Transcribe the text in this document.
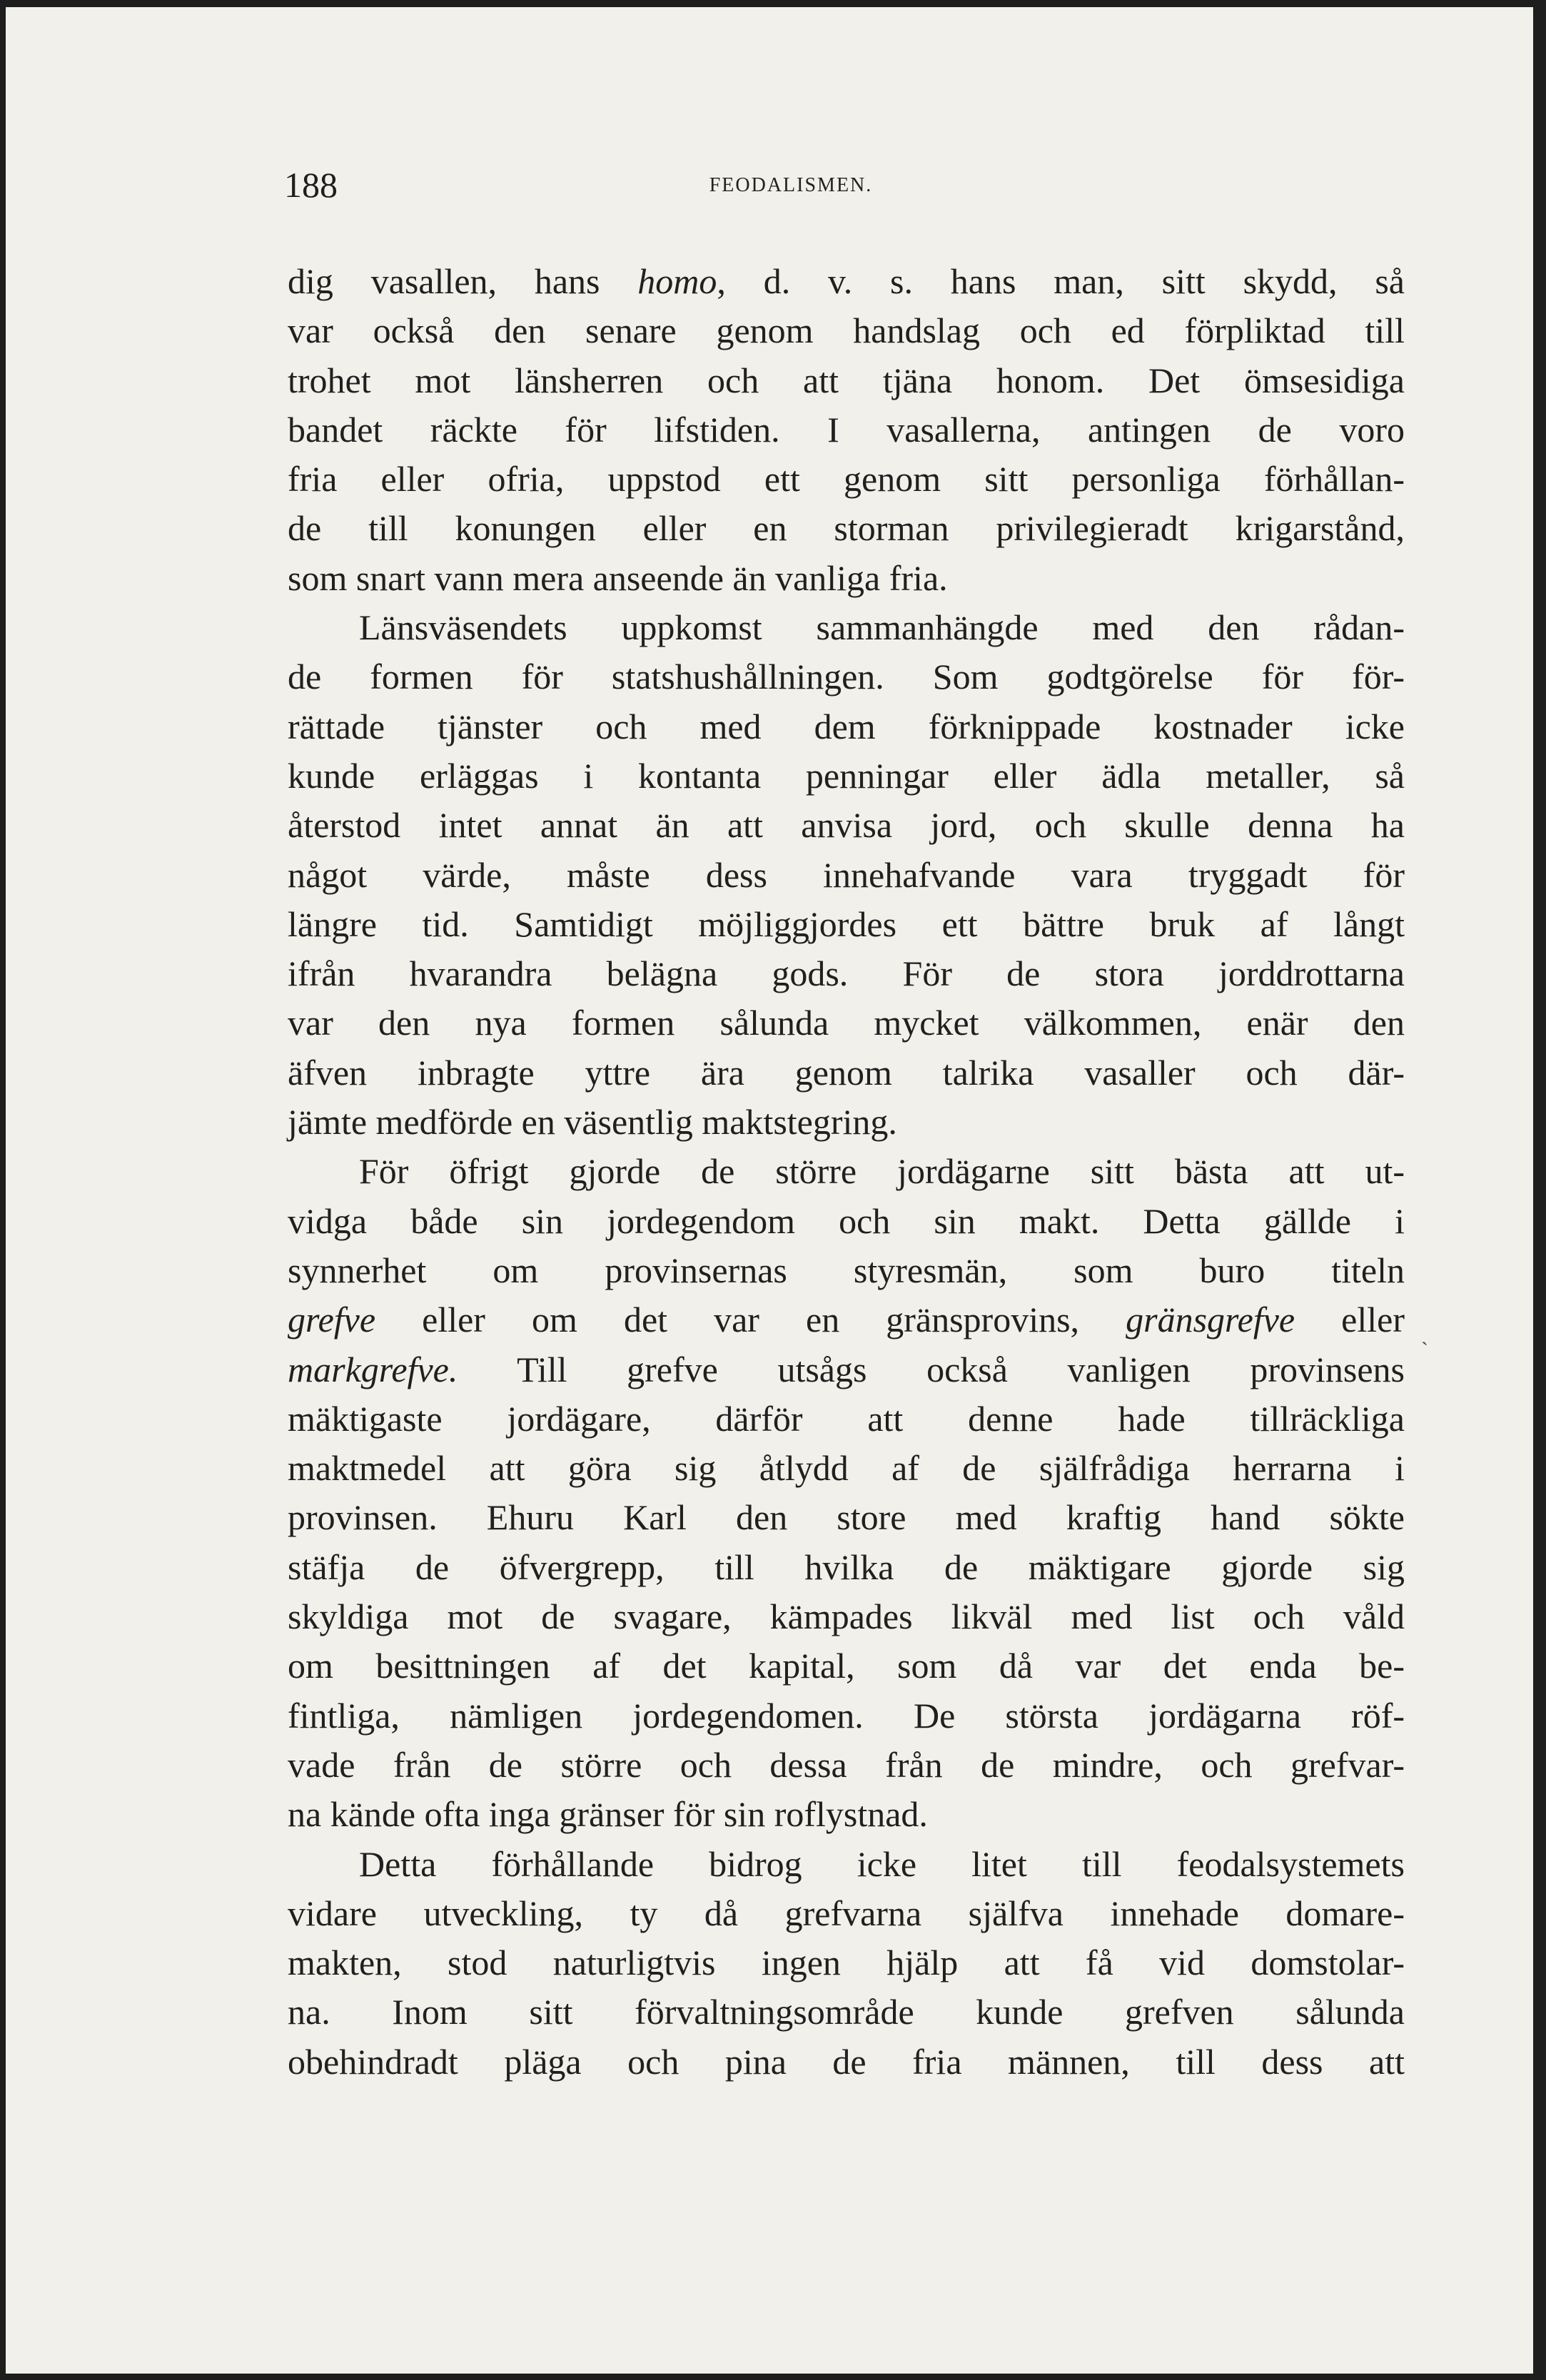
188	FEODALISMEN.
dig vasallen, hans homo, d. v. s. hans man, sitt skydd, så
var också den senare genom handslag och ed förpliktad till
trohet mot länsherren och att tjäna honom. Det ömsesidiga
bandet räckte för lifstiden. I vasallerna, antingen de voro
fria eller ofria, uppstod ett genom sitt personliga förhållan-
de till konungen eller en storman privilegieradt krigarstånd,
som snart vann mera anseende än vanliga fria.
Länsväsendets uppkomst sammanhängde med den rådan-
de formen för statshushållningen. Som godtgörelse för för-
rättade tjänster och med dem förknippade kostnader icke
kunde erläggas i kontanta penningar eller ädla metaller, så
återstod intet annat än att anvisa jord, och skulle denna ha
något värde, måste dess innehafvande vara tryggadt för
längre tid. Samtidigt möjliggjordes ett bättre bruk af långt
ifrån hvarandra belägna gods. För de stora jorddrottarna
var den nya formen sålunda mycket välkommen, enär den
äfven inbragte yttre ära genom talrika vasaller och där-
jämte medförde en väsentlig maktstegring.
För öfrigt gjorde de större jordägarne sitt bästa att ut-
vidga både sin jordegendom och sin makt. Detta gällde i
synnerhet om provinsernas styresmän, som buro titeln
grefve eller om det var en gränsprovins, gränsgrefve eller
markgrefve. Till grefve utsågs också vanligen provinsens
mäktigaste jordägare, därför att denne hade tillräckliga
maktmedel att göra sig åtlydd af de själfrådiga herrarna i
provinsen. Ehuru Karl den store med kraftig hand sökte
stäfja de öfvergrepp, till hvilka de mäktigare gjorde sig
skyldiga mot de svagare, kämpades likväl med list och våld
om besittningen af det kapital, som då var det enda be-
fintliga, nämligen jordegendomen. De största jordägarna röf-
vade från de större och dessa från de mindre, och grefvar-
na kände ofta inga gränser för sin roflystnad.
Detta förhållande bidrog icke litet till feodalsystemets
vidare utveckling, ty då grefvarna själfva innehade domare-
makten, stod naturligtvis ingen hjälp att få vid domstolar-
na. Inom sitt förvaltningsområde kunde grefven sålunda
obehindradt pläga och pina de fria männen, till dess att
`
